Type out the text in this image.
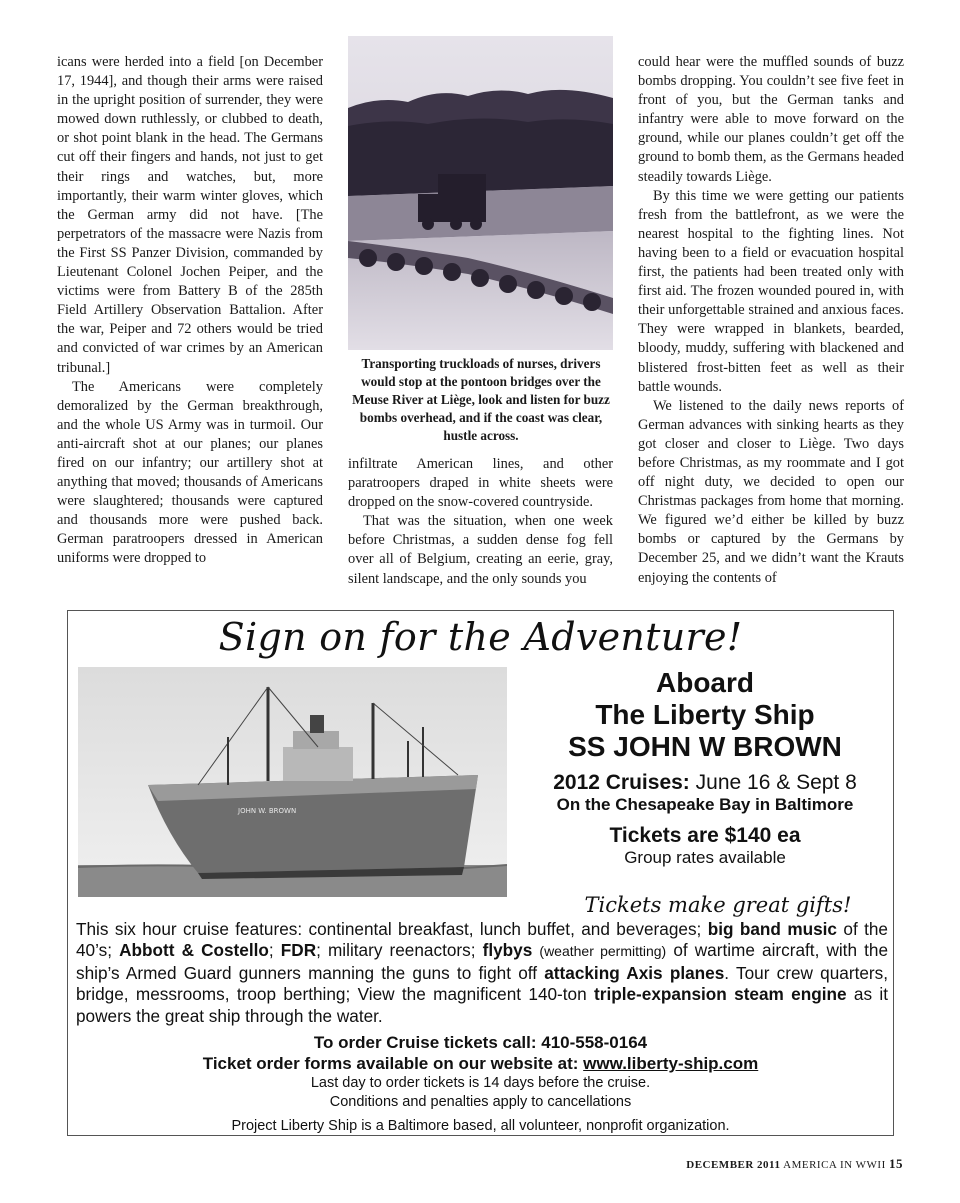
icans were herded into a field [on December 17, 1944], and though their arms were raised in the upright position of surrender, they were mowed down ruthlessly, or clubbed to death, or shot point blank in the head. The Germans cut off their fingers and hands, not just to get their rings and watches, but, more importantly, their warm winter gloves, which the German army did not have. [The perpetrators of the massacre were Nazis from the First SS Panzer Division, commanded by Lieutenant Colonel Jochen Peiper, and the victims were from Battery B of the 285th Field Artillery Observation Battalion. After the war, Peiper and 72 others would be tried and convicted of war crimes by an American tribunal.]

The Americans were completely demoralized by the German breakthrough, and the whole US Army was in turmoil. Our anti-aircraft shot at our planes; our planes fired on our infantry; our artillery shot at anything that moved; thousands of Americans were slaughtered; thousands were captured and thousands more were pushed back. German paratroopers dressed in American uniforms were dropped to

Transporting truckloads of nurses, drivers would stop at the pontoon bridges over the Meuse River at Liège, look and listen for buzz bombs overhead, and if the coast was clear, hustle across.

infiltrate American lines, and other paratroopers draped in white sheets were dropped on the snow-covered countryside.

That was the situation, when one week before Christmas, a sudden dense fog fell over all of Belgium, creating an eerie, gray, silent landscape, and the only sounds you

could hear were the muffled sounds of buzz bombs dropping. You couldn’t see five feet in front of you, but the German tanks and infantry were able to move forward on the ground, while our planes couldn’t get off the ground to bomb them, as the Germans headed steadily towards Liège.

By this time we were getting our patients fresh from the battlefront, as we were the nearest hospital to the fighting lines. Not having been to a field or evacuation hospital first, the patients had been treated only with first aid. The frozen wounded poured in, with their unforgettable strained and anxious faces. They were wrapped in blankets, bearded, bloody, muddy, suffering with blackened and blistered frost-bitten feet as well as their battle wounds.

We listened to the daily news reports of German advances with sinking hearts as they got closer and closer to Liège. Two days before Christmas, as my roommate and I got off night duty, we decided to open our Christmas packages from home that morning. We figured we’d either be killed by buzz bombs or captured by the Germans by December 25, and we didn’t want the Krauts enjoying the contents of

Sign on for the Adventure!
JOHN W. BROWN
Aboard
The Liberty Ship
SS JOHN W BROWN
2012 Cruises: June 16 & Sept 8
On the Chesapeake Bay in Baltimore
Tickets are $140 ea
Group rates available
Tickets make great gifts!
This six hour cruise features: continental breakfast, lunch buffet, and beverages; big band music of the 40’s; Abbott & Costello; FDR; military reenactors; flybys (weather permitting) of wartime aircraft, with the ship’s Armed Guard gunners manning the guns to fight off attacking Axis planes. Tour crew quarters, bridge, messrooms, troop berthing; View the magnificent 140-ton triple-expansion steam engine as it powers the great ship through the water.
To order Cruise tickets call: 410-558-0164
Ticket order forms available on our website at: www.liberty-ship.com
Last day to order tickets is 14 days before the cruise.
Conditions and penalties apply to cancellations
Project Liberty Ship is a Baltimore based, all volunteer, nonprofit organization.
DECEMBER 2011 AMERICA IN WWII 15
